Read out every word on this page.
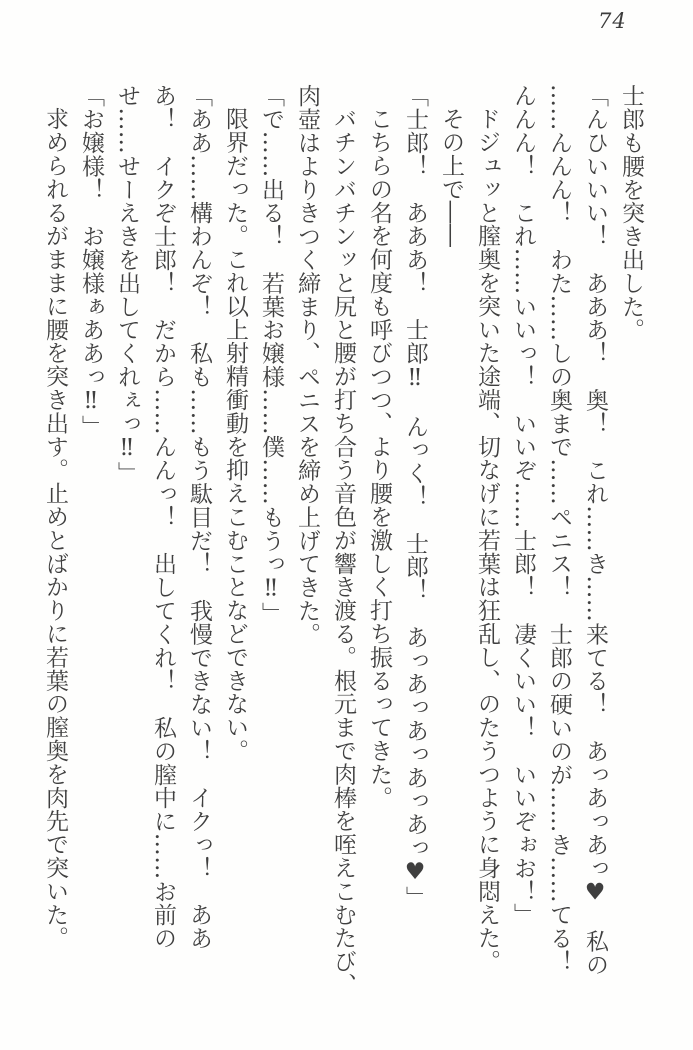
74

士郎も腰を突き出した。

「んひいいい！　あああ！　奥！　これ……き……来てる！　あっあっあっ♥　私の

……んんん！　わた……しの奥まで……ペニス！　士郎の硬いのが……き……てる！

んんん！　これ……いいっ！　いいぞ……士郎！　凄くいい！　いいぞぉお！」

ドジュッと膣奥を突いた途端、切なげに若葉は狂乱し、のたうつように身悶えた。

その上で――

「士郎！　あああ！　士郎‼　んっく！　士郎！　あっあっあっあっあっ♥」

こちらの名を何度も呼びつつ、より腰を激しく打ち振るってきた。

バチンバチンッと尻と腰が打ち合う音色が響き渡る。根元まで肉棒を咥えこむたび、

肉壺はよりきつく締まり、ペニスを締め上げてきた。

「で……出る！　若葉お嬢様……僕……もうっ‼」

限界だった。これ以上射精衝動を抑えこむことなどできない。

「ああ……構わんぞ！　私も……もう駄目だ！　我慢できない！　イクっ！　ああ

あ！　イクぞ士郎！　だから……んんっ！　出してくれ！　私の膣中に……お前の

せ……せーえきを出してくれぇっ‼」

「お嬢様！　お嬢様ぁああっ‼」

求められるがままに腰を突き出す。止めとばかりに若葉の膣奥を肉先で突いた。
